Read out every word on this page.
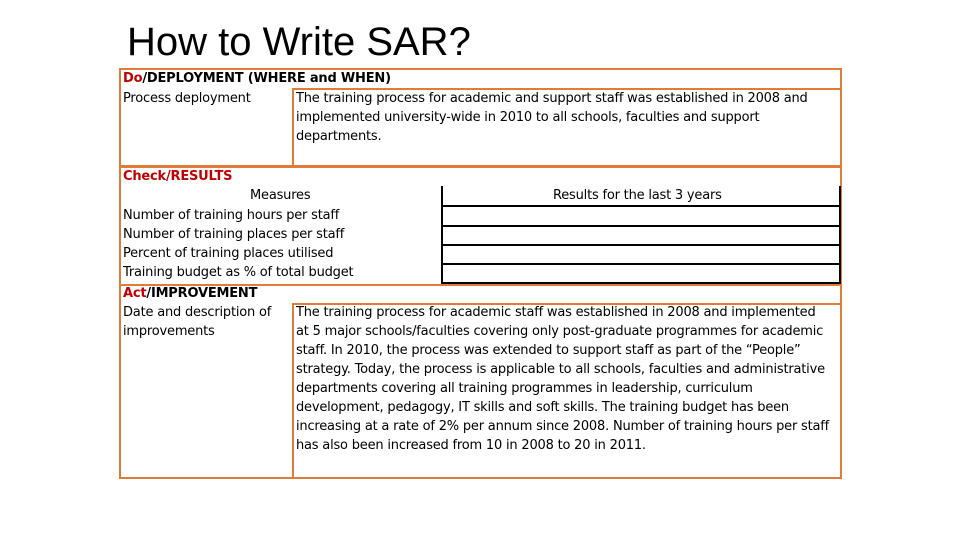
How to Write SAR?
Do/DEPLOYMENT (WHERE and WHEN)
Process deployment	The training process for academic and support staff was established in 2008 and
implemented university-wide in 2010 to all schools, faculties and support
departments.
Check/RESULTS
Measures	Results for the last 3 years
Number of training hours per staff
Number of training places per staff
Percent of training places utilised
Training budget as % of total budget
Act/IMPROVEMENT
Date and description of
improvements
The training process for academic staff was established in 2008 and implemented
at 5 major schools/faculties covering only post-graduate programmes for academic
staff. In 2010, the process was extended to support staff as part of the “People”
strategy. Today, the process is applicable to all schools, faculties and administrative
departments covering all training programmes in leadership, curriculum
development, pedagogy, IT skills and soft skills. The training budget has been
increasing at a rate of 2% per annum since 2008. Number of training hours per staff
has also been increased from 10 in 2008 to 20 in 2011.
